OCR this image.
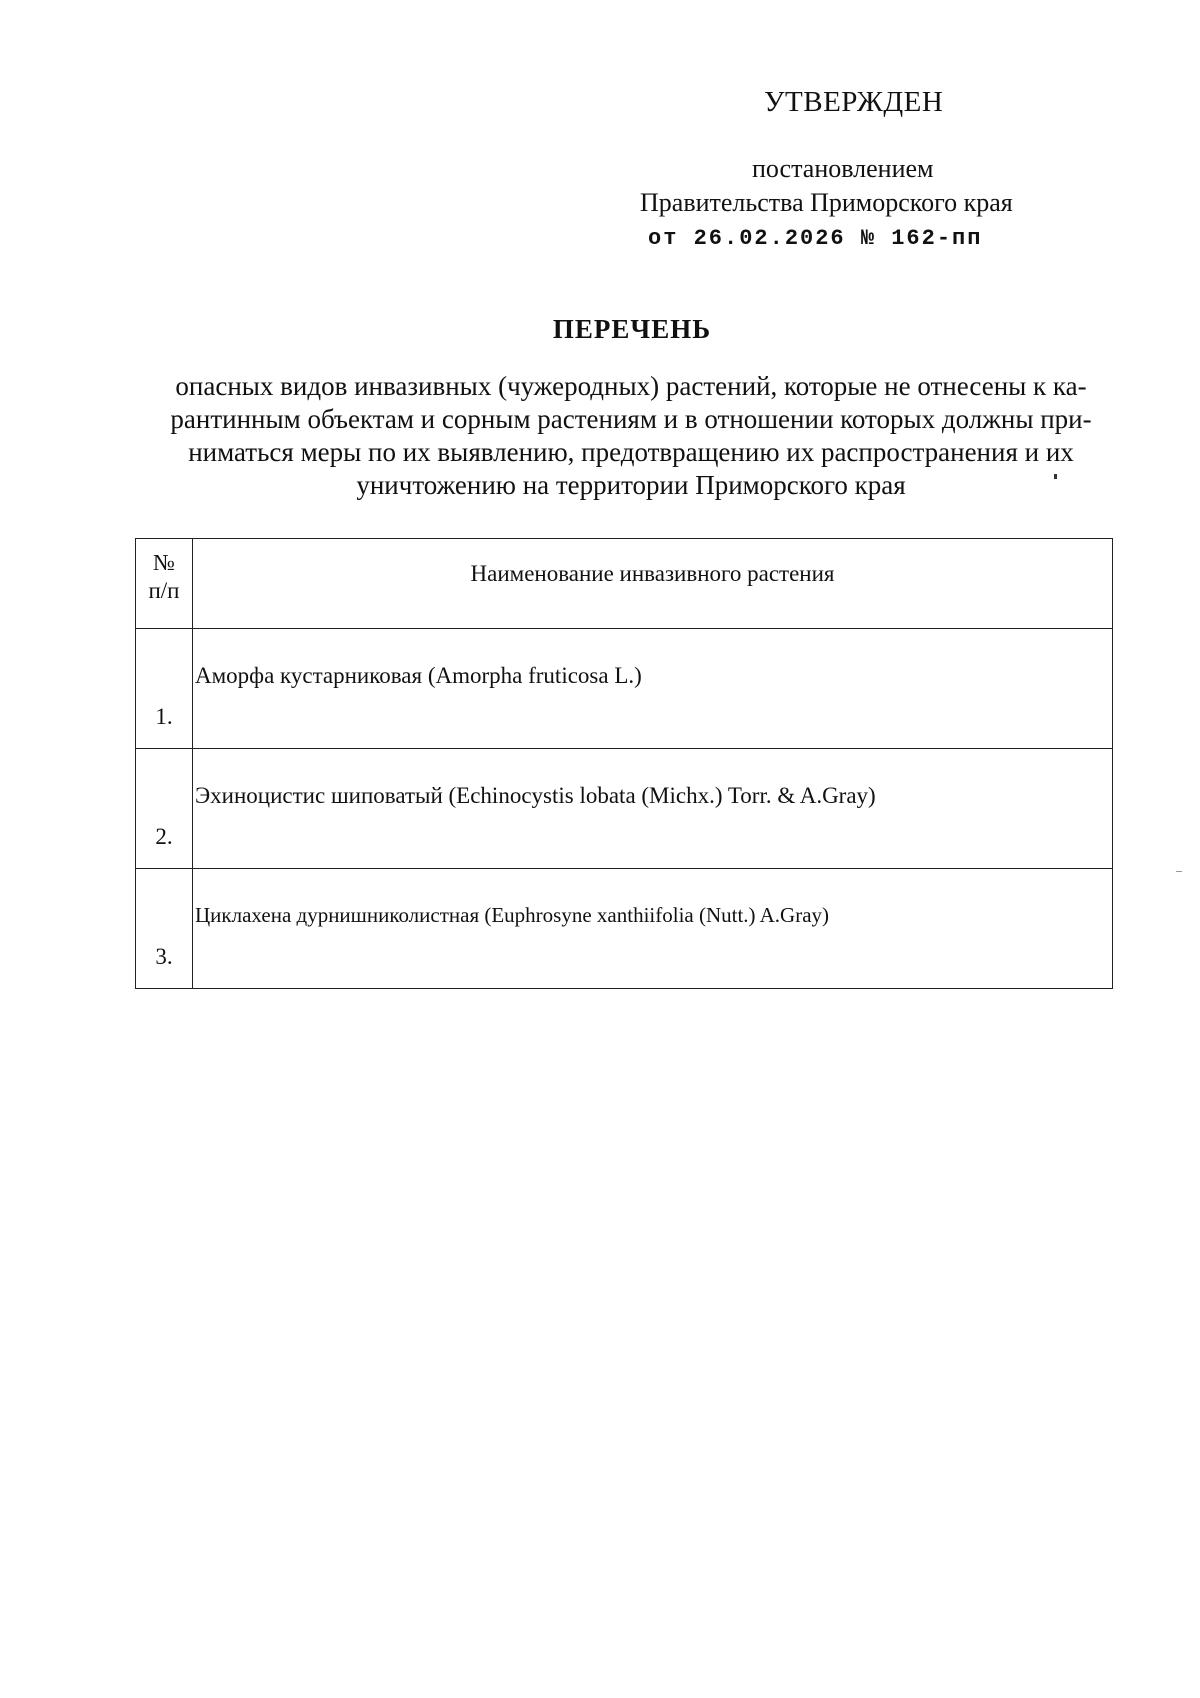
УТВЕРЖДЕН
постановлением
Правительства Приморского края
от 26.02.2026 № 162-пп
ПЕРЕЧЕНЬ
опасных видов инвазивных (чужеродных) растений, которые не отнесены к ка-
рантинным объектам и сорным растениям и в отношении которых должны при-
ниматься меры по их выявлению, предотвращению их распространения и их
уничтожению на территории Приморского края
№
п/п	Наименование инвазивного растения
1.	Аморфа кустарниковая (Amorpha fruticosa L.)
2.	Эхиноцистис шиповатый (Echinocystis lobata (Michx.) Torr. & A.Gray)
3.	Циклахена дурнишниколистная (Euphrosyne xanthiifolia (Nutt.) A.Gray)
